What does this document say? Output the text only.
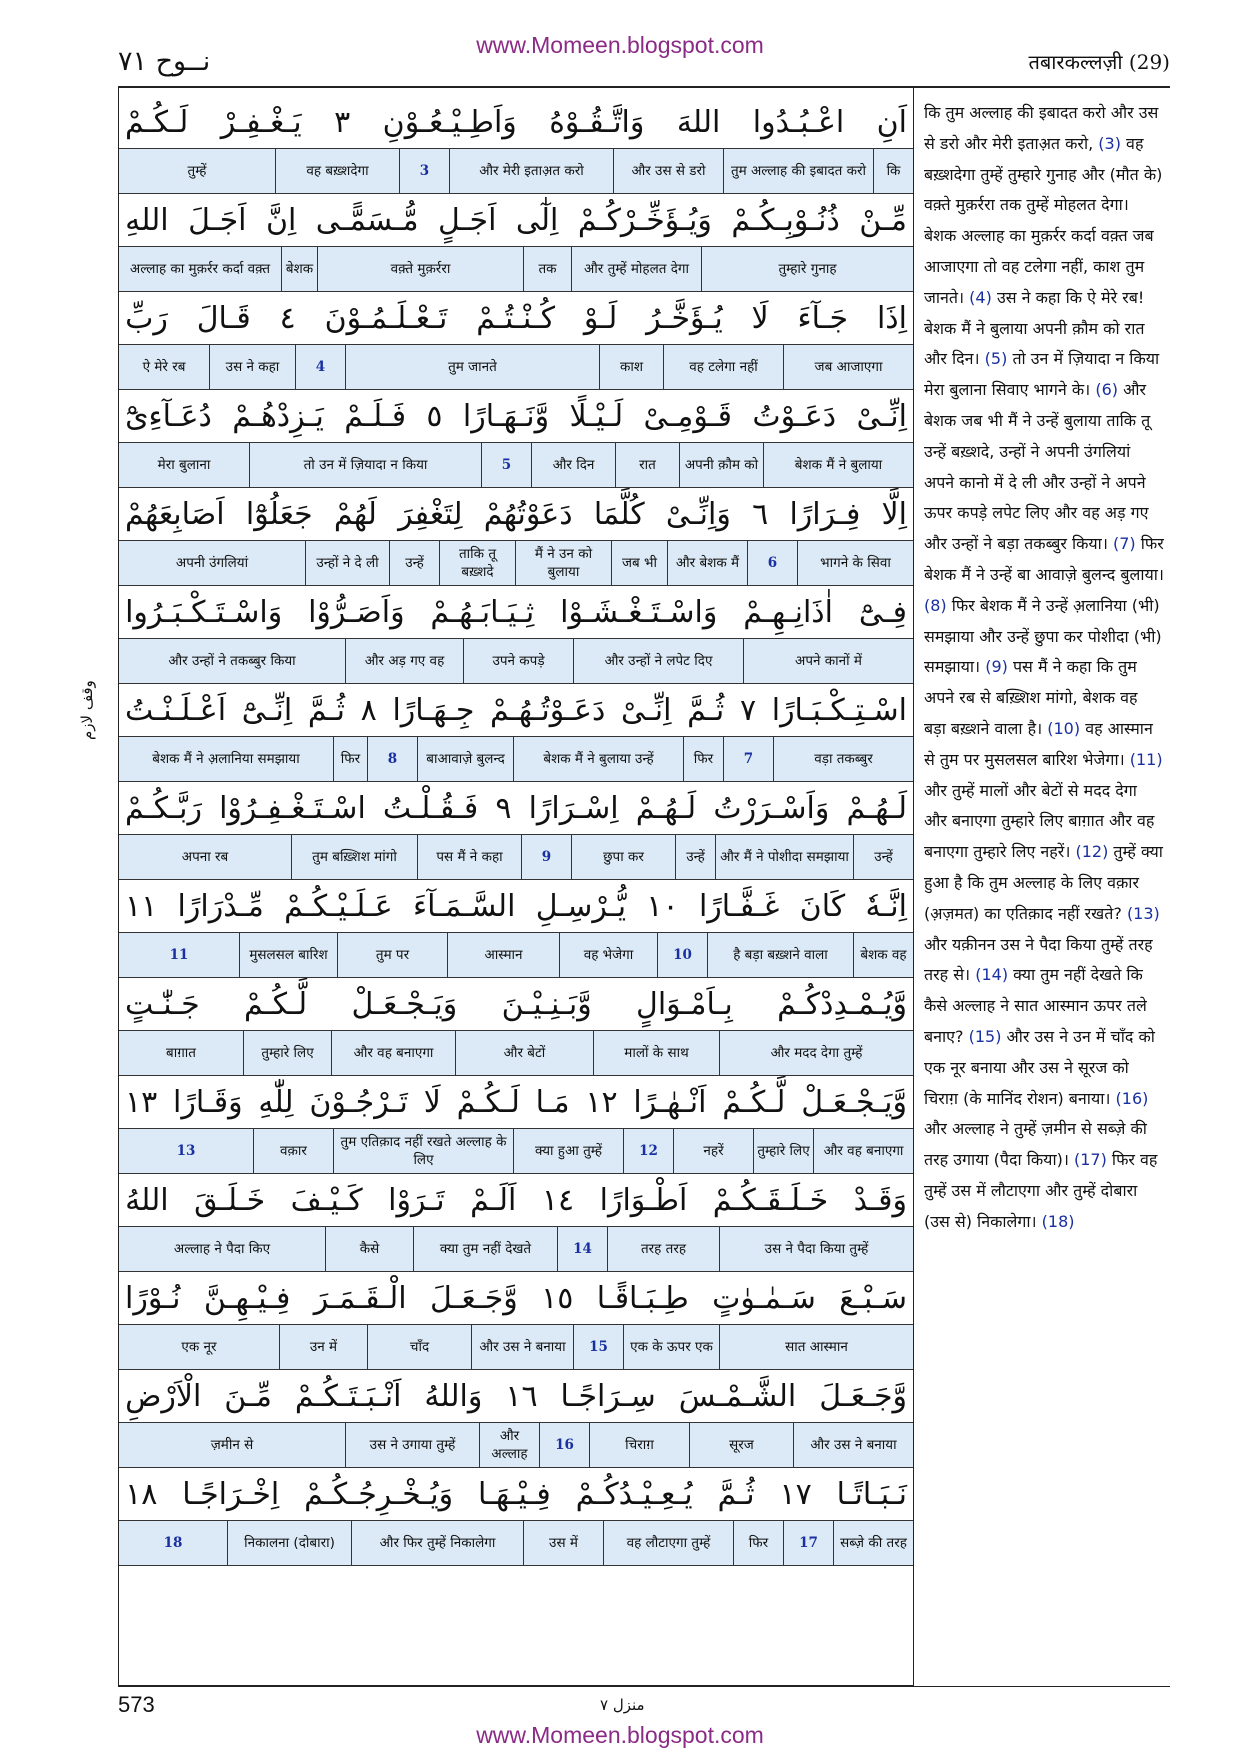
www.Momeen.blogspot.com
نــوح ٧١	तबारकल्लज़ी (29)
وقف لازم
اَنِ
اعْـبُـدُوا
اللهَ
وَاتَّـقُـوْهُ
وَاَطِـيْـعُـوْنِ
٣
يَـغْـفِـرْ
لَـكُـمْ
कि
तुम अल्लाह की इबादत करो
और उस से डरो
और मेरी इताअ़त करो
3
वह बख़्शदेगा
तुम्हें
مِّـنْ
ذُنُـوْبِـكُـمْ
وَيُـؤَخِّـرْكُـمْ
اِلٰٓى
اَجَـلٍ
مُّـسَمًّـى
اِنَّ
اَجَـلَ
اللهِ
तुम्हारे गुनाह
और तुम्हें मोहलत देगा
तक
वक़्ते मुक़र्ररा
बेशक
अल्लाह का मुक़र्रर कर्दा वक़्त
اِذَا
جَـآءَ
لَا
يُـؤَخَّـرُ
لَـوْ
كُـنْـتُـمْ
تَـعْـلَـمُـوْنَ
٤
قَـالَ
رَبِّ
जब आजाएगा
वह टलेगा नहीं
काश
तुम जानते
4
उस ने कहा
ऐ मेरे रब
اِنِّـىْ
دَعَـوْتُ
قَـوْمِـىْ
لَـيْـلًا
وَّنَـهَـارًا
٥
فَـلَـمْ
يَـزِدْهُـمْ
دُعَـآءِىْٓ
बेशक मैं ने बुलाया
अपनी क़ौम को
रात
और दिन
5
तो उन में ज़ियादा न किया
मेरा बुलाना
اِلَّا
فِـرَارًا
٦
وَاِنِّـىْ
كُلَّمَا
دَعَوْتُهُمْ
لِتَغْفِرَ
لَهُمْ
جَعَلُوْٓا
اَصَابِعَهُمْ
भागने के सिवा
6
और बेशक मैं
जब भी
मैं ने उन को बुलाया
ताकि तू बख़्शदे
उन्हें
उन्हों ने दे ली
अपनी उंगलियां
فِـىْٓ
اٰذَانِـهِـمْ
وَاسْـتَـغْـشَـوْا
ثِـيَـابَـهُـمْ
وَاَصَـرُّوْا
وَاسْـتَـكْـبَـرُوا
अपने कानों में
और उन्हों ने लपेट दिए
उपने कपड़े
और अड़ गए वह
और उन्हों ने तकब्बुर किया
اسْـتِـكْـبَـارًا
٧
ثُـمَّ
اِنِّـىْ
دَعَـوْتُـهُـمْ
جِـهَـارًا
٨
ثُـمَّ
اِنِّـىْٓ
اَعْـلَـنْـتُ
वड़ा तकब्बुर
7
फिर
बेशक मैं ने बुलाया उन्हें
बाआवाज़े बुलन्द
8
फिर
बेशक मैं ने अ़लानिया समझाया
لَـهُـمْ
وَاَسْـرَرْتُ
لَـهُـمْ
اِسْـرَارًا
٩
فَـقُـلْـتُ
اسْـتَـغْـفِـرُوْا
رَبَّـكُـمْ
उन्हें
और मैं ने पोशीदा समझाया
उन्हें
छुपा कर
9
पस मैं ने कहा
तुम बख़्शिश मांगो
अपना रब
اِنَّـهٗ
كَانَ
غَـفَّـارًا
١٠
يُّـرْسِـلِ
السَّـمَـآءَ
عَـلَـيْـكُـمْ
مِّـدْرَارًا
١١
बेशक वह
है बड़ा बख़्शने वाला
10
वह भेजेगा
आस्मान
तुम पर
मुसलसल बारिश
11
وَّيُـمْـدِدْكُـمْ
بِـاَمْـوَالٍ
وَّبَـنِـيْـنَ
وَيَـجْـعَـلْ
لَّـكُـمْ
جَـنّٰـتٍ
और मदद देगा तुम्हें
मालों के साथ
और बेटों
और वह बनाएगा
तुम्हारे लिए
बाग़ात
وَّيَـجْـعَـلْ
لَّـكُـمْ
اَنْـهٰـرًا
١٢
مَـا
لَـكُـمْ
لَا
تَـرْجُـوْنَ
لِلّٰهِ
وَقَـارًا
١٣
और वह बनाएगा
तुम्हारे लिए
नहरें
12
क्या हुआ तुम्हें
तुम एतिक़ाद नहीं रखते अल्लाह के लिए
वक़ार
13
وَقَـدْ
خَـلَـقَـكُـمْ
اَطْـوَارًا
١٤
اَلَـمْ
تَـرَوْا
كَـيْـفَ
خَـلَـقَ
اللهُ
उस ने पैदा किया तुम्हें
तरह तरह
14
क्या तुम नहीं देखते
कैसे
अल्लाह ने पैदा किए
سَـبْـعَ
سَـمٰـوٰتٍ
طِـبَـاقًـا
١٥
وَّجَـعَـلَ
الْـقَـمَـرَ
فِـيْـهِـنَّ
نُـوْرًا
सात आस्मान
एक के ऊपर एक
15
और उस ने बनाया
चाँद
उन में
एक नूर
وَّجَـعَـلَ
الشَّـمْـسَ
سِـرَاجًـا
١٦
وَاللهُ
اَنْـبَـتَـكُـمْ
مِّـنَ
الْاَرْضِ
और उस ने बनाया
सूरज
चिराग़
16
और अल्लाह
उस ने उगाया तुम्हें
ज़मीन से
نَـبَـاتًـا
١٧
ثُـمَّ
يُـعِـيْـدُكُـمْ
فِـيْـهَـا
وَيُـخْـرِجُـكُـمْ
اِخْـرَاجًـا
١٨
सब्ज़े की तरह
17
फिर
वह लौटाएगा तुम्हें
उस में
और फिर तुम्हें निकालेगा
निकालना (दोबारा)
18
कि तुम अल्लाह की इबादत करो और उस से डरो और मेरी इताअ़त करो, (3) वह बख़्शदेगा तुम्हें तुम्हारे गुनाह और (मौत के) वक़्ते मुक़र्ररा तक तुम्हें मोहलत देगा। बेशक अल्लाह का मुक़र्रर कर्दा वक़्त जब आजाएगा तो वह टलेगा नहीं, काश तुम जानते। (4) उस ने कहा कि ऐ मेरे रब! बेशक मैं ने बुलाया अपनी क़ौम को रात और दिन। (5) तो उन में ज़ियादा न किया मेरा बुलाना सिवाए भागने के। (6) और बेशक जब भी मैं ने उन्हें बुलाया ताकि तू उन्हें बख़्शदे, उन्हों ने अपनी उंगलियां अपने कानो में दे ली और उन्हों ने अपने ऊपर कपड़े लपेट लिए और वह अड़ गए और उन्हों ने बड़ा तकब्बुर किया। (7) फिर बेशक मैं ने उन्हें बा आवाज़े बुलन्द बुलाया। (8) फिर बेशक मैं ने उन्हें अ़लानिया (भी) समझाया और उन्हें छुपा कर पोशीदा (भी) समझाया। (9) पस मैं ने कहा कि तुम अपने रब से बख़्शिश मांगो, बेशक वह बड़ा बख़्शने वाला है। (10) वह आस्मान से तुम पर मुसलसल बारिश भेजेगा। (11) और तुम्हें मालों और बेटों से मदद देगा और बनाएगा तुम्हारे लिए बाग़ात और वह बनाएगा तुम्हारे लिए नहरें। (12) तुम्हें क्या हुआ है कि तुम अल्लाह के लिए वक़ार (अ़ज़मत) का एतिक़ाद नहीं रखते? (13) और यक़ीनन उस ने पैदा किया तुम्हें तरह तरह से। (14) क्या तुम नहीं देखते कि कैसे अल्लाह ने सात आस्मान ऊपर तले बनाए? (15) और उस ने उन में चाँद को एक नूर बनाया और उस ने सूरज को चिराग़ (के मानिंद रोशन) बनाया। (16) और अल्लाह ने तुम्हें ज़मीन से सब्ज़े की तरह उगाया (पैदा किया)। (17) फिर वह तुम्हें उस में लौटाएगा और तुम्हें दोबारा (उस से) निकालेगा। (18)
573	منزل ٧
www.Momeen.blogspot.com
